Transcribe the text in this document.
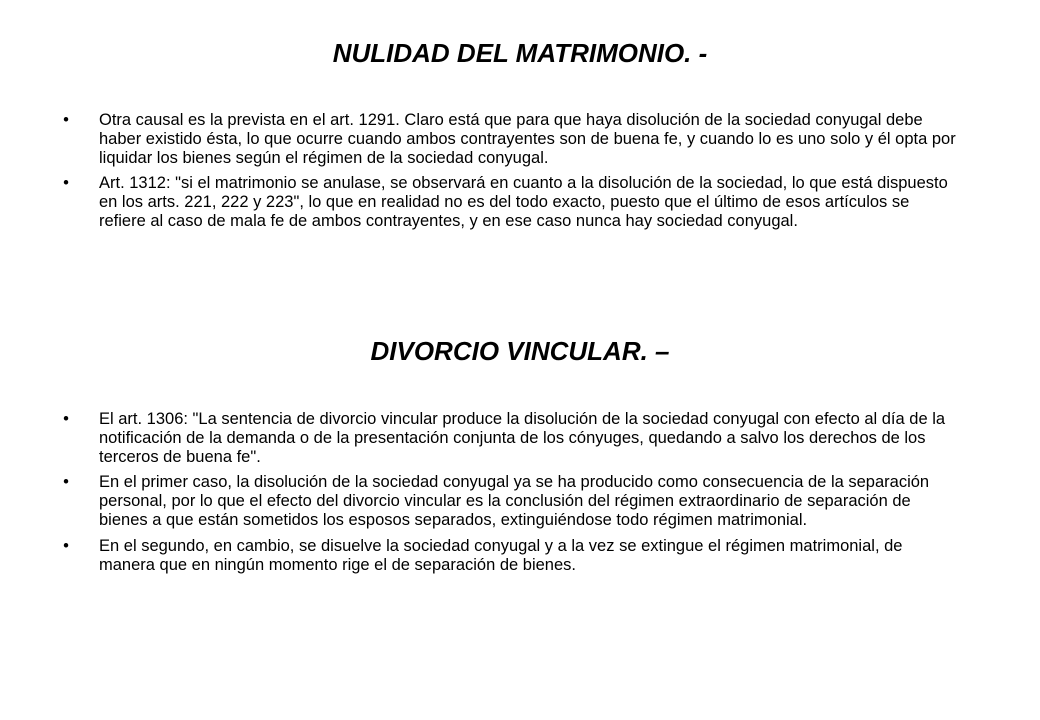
NULIDAD DEL MATRIMONIO. -
• Otra causal es la prevista en el art. 1291. Claro está que para que haya disolución de la sociedad conyugal debe haber existido ésta, lo que ocurre cuando ambos contrayentes son de buena fe, y cuando lo es uno solo y él opta por liquidar los bienes según el régimen de la sociedad conyugal.
• Art. 1312: "si el matrimonio se anulase, se observará en cuanto a la disolución de la sociedad, lo que está dispuesto en los arts. 221, 222 y 223", lo que en realidad no es del todo exacto, puesto que el último de esos artículos se refiere al caso de mala fe de ambos contrayentes, y en ese caso nunca hay sociedad conyugal.
DIVORCIO VINCULAR. –
• El art. 1306: "La sentencia de divorcio vincular produce la disolución de la sociedad conyugal con efecto al día de la notificación de la demanda o de la presentación conjunta de los cónyuges, quedando a salvo los derechos de los terceros de buena fe".
• En el primer caso, la disolución de la sociedad conyugal ya se ha producido como consecuencia de la separación personal, por lo que el efecto del divorcio vincular es la conclusión del régimen extraordinario de separación de bienes a que están sometidos los esposos separados, extinguiéndose todo régimen matrimonial.
• En el segundo, en cambio, se disuelve la sociedad conyugal y a la vez se extingue el régimen matrimonial, de manera que en ningún momento rige el de separación de bienes.
